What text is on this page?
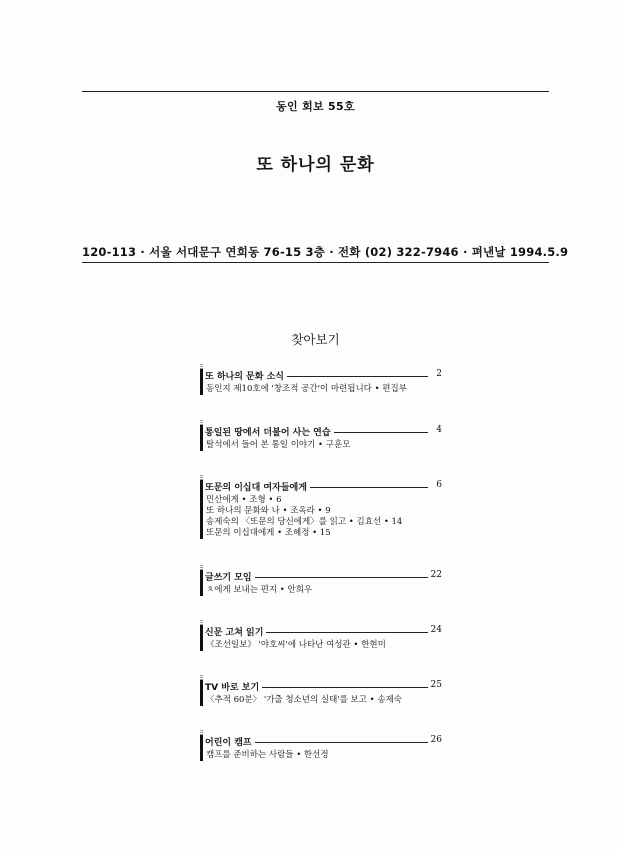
동인 회보 55호
또 하나의 문화
120-113 · 서울 서대문구 연희동 76-15 3층 · 전화 (02) 322-7946 · 펴낸날 1994.5.9
찾아보기
또 하나의 문화 소식	2
동인지 제10호에 '창조적 공간'이 마련됩니다 • 편집부
통일된 땅에서 더불어 사는 연습	4
탈석에서 들어 본 통일 이야기 • 구훈모
또문의 이십대 여자들에게	6
민산에게 • 조형 • 6
또 하나의 문화와 나 • 조옥라 • 9
송제숙의 〈또문의 당신에게〉를 읽고 • 김효선 • 14
또문의 이십대에게 • 조혜정 • 15
글쓰기 모임	22
ㅊ에게 보내는 편지 • 안희우
신문 고쳐 읽기	24
《조선일보》 '야호씨'에 나타난 여성관 • 한현미
TV 바로 보기	25
〈추적 60분〉 '가출 청소년의 실태'를 보고 • 송제숙
어린이 캠프	26
캠프를 준비하는 사람들 • 한선정
